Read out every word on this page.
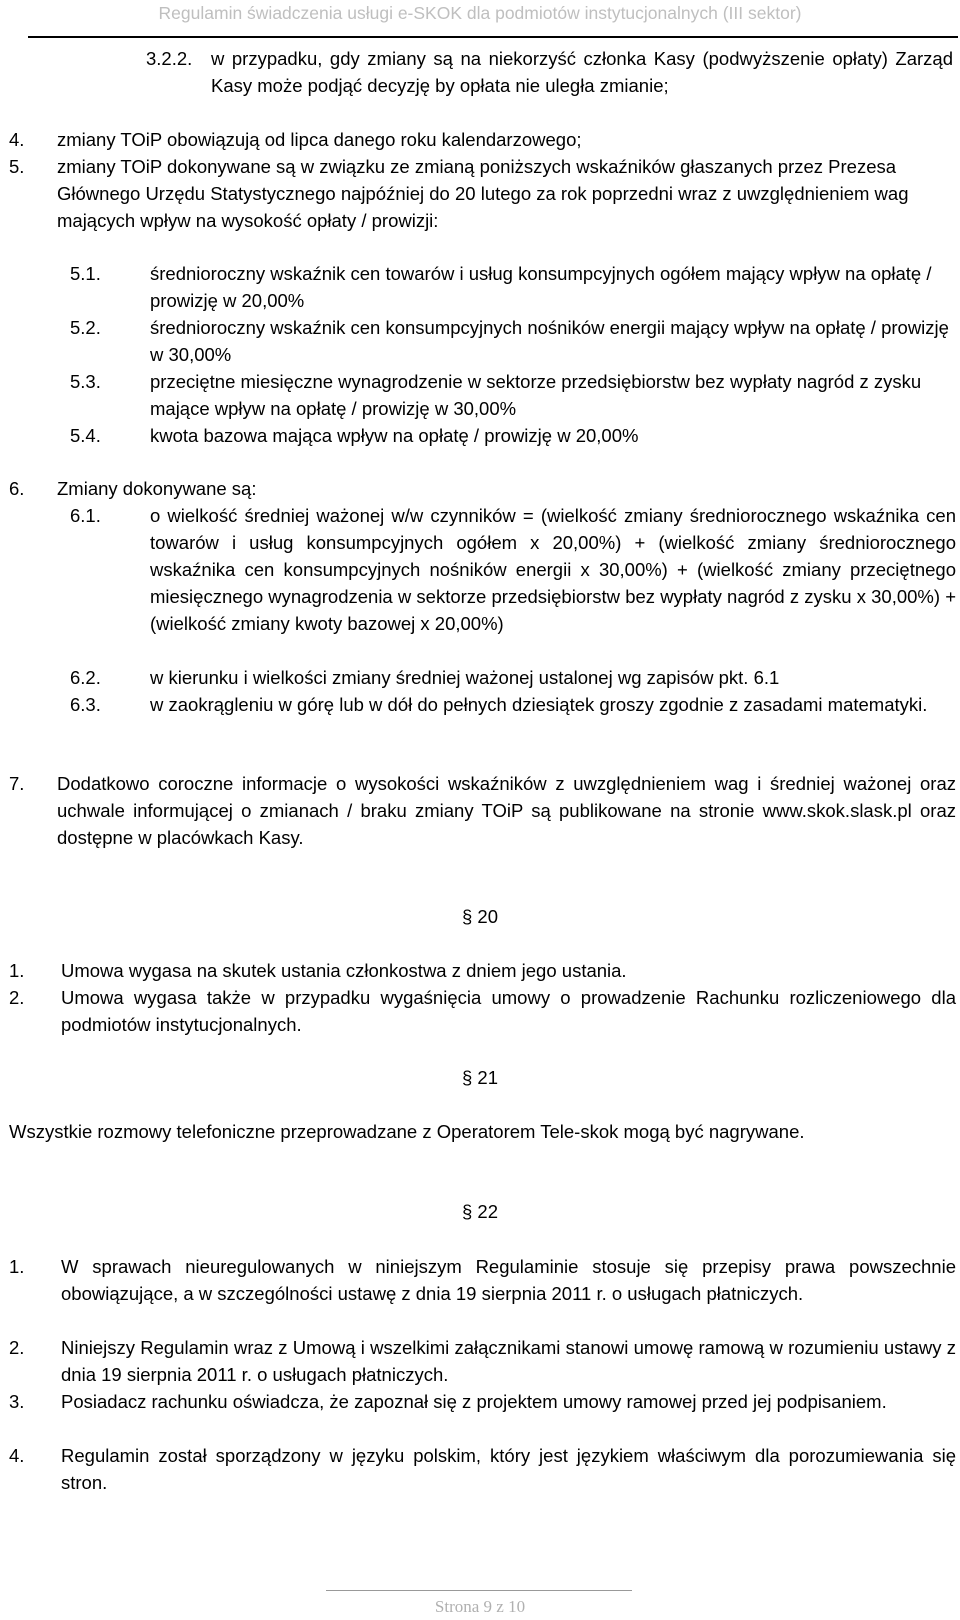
Regulamin świadczenia usługi e-SKOK dla podmiotów instytucjonalnych (III sektor)
3.2.2. w przypadku, gdy zmiany są na niekorzyść członka Kasy (podwyższenie opłaty) Zarząd Kasy może podjąć decyzję by opłata nie uległa zmianie;
4. zmiany TOiP obowiązują od lipca danego roku kalendarzowego;
5. zmiany TOiP dokonywane są w związku ze zmianą poniższych wskaźników głaszanych przez Prezesa Głównego Urzędu Statystycznego najpóźniej do 20 lutego za rok poprzedni wraz z uwzględnieniem wag mających wpływ na wysokość opłaty / prowizji:
5.1.	średnioroczny wskaźnik cen towarów i usług konsumpcyjnych ogółem mający wpływ na opłatę / prowizję w 20,00%
5.2.	średnioroczny wskaźnik cen konsumpcyjnych nośników energii mający wpływ na opłatę / prowizję w 30,00%
5.3.	przeciętne miesięczne wynagrodzenie w sektorze przedsiębiorstw bez wypłaty nagród z zysku mające wpływ na opłatę / prowizję w 30,00%
5.4.	kwota bazowa mająca wpływ na opłatę / prowizję w 20,00%
6. Zmiany dokonywane są:
6.1.	o wielkość średniej ważonej w/w czynników = (wielkość zmiany średniorocznego wskaźnika cen towarów i usług konsumpcyjnych ogółem x 20,00%) + (wielkość zmiany średniorocznego wskaźnika cen konsumpcyjnych nośników energii x 30,00%) + (wielkość zmiany przeciętnego miesięcznego wynagrodzenia w sektorze przedsiębiorstw bez wypłaty nagród z zysku x 30,00%) + (wielkość zmiany kwoty bazowej x 20,00%)
6.2.	w kierunku i wielkości zmiany średniej ważonej ustalonej wg zapisów pkt. 6.1
6.3.	w zaokrągleniu w górę lub w dół do pełnych dziesiątek groszy zgodnie z zasadami matematyki.
7. Dodatkowo coroczne informacje o wysokości wskaźników z uwzględnieniem wag i średniej ważonej oraz uchwale informującej o zmianach / braku zmiany TOiP są publikowane na stronie www.skok.slask.pl oraz dostępne w placówkach Kasy.
§ 20
1. Umowa wygasa na skutek ustania członkostwa z dniem jego ustania.
2. Umowa wygasa także w przypadku wygaśnięcia umowy o prowadzenie Rachunku rozliczeniowego dla podmiotów instytucjonalnych.
§ 21
Wszystkie rozmowy telefoniczne przeprowadzane z Operatorem Tele-skok mogą być nagrywane.
§ 22
1. W sprawach nieuregulowanych w niniejszym Regulaminie stosuje się przepisy prawa powszechnie obowiązujące, a w szczególności ustawę z dnia 19 sierpnia 2011 r. o usługach płatniczych.
2. Niniejszy Regulamin wraz z Umową i wszelkimi załącznikami stanowi umowę ramową w rozumieniu ustawy z dnia 19 sierpnia 2011 r. o usługach płatniczych.
3. Posiadacz rachunku oświadcza, że zapoznał się z projektem umowy ramowej przed jej podpisaniem.
4. Regulamin został sporządzony w języku polskim, który jest językiem właściwym dla porozumiewania się stron.
Strona 9 z 10
